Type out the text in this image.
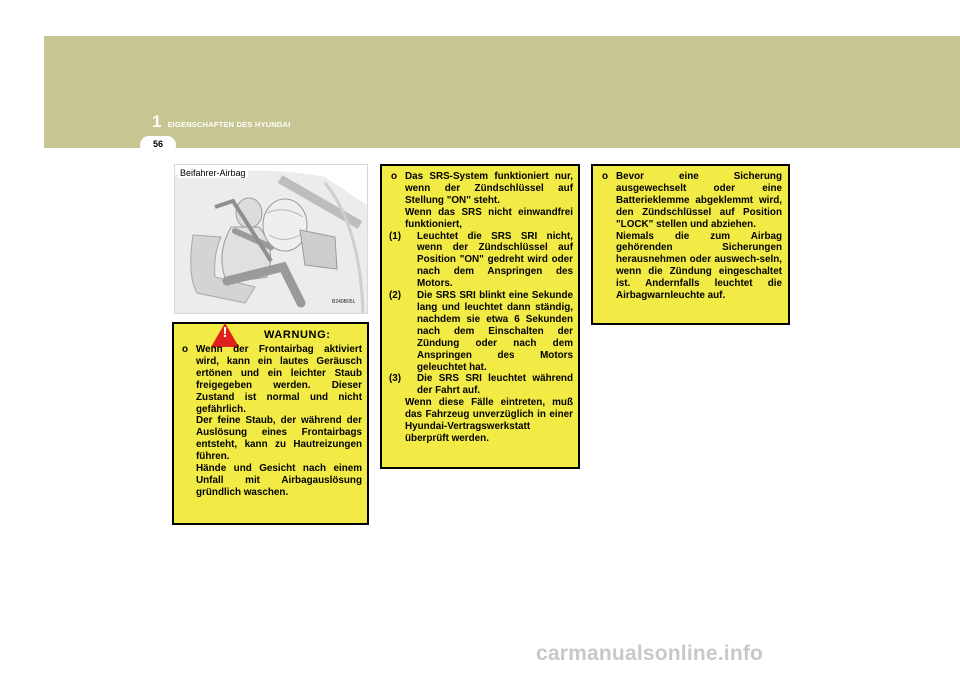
1 EIGENSCHAFTEN DES HYUNDAI
56
Beifahrer-Airbag
B240B05L
!	WARNUNG:
o Wenn der Frontairbag aktiviert wird, kann ein lautes Geräusch ertönen und ein leichter Staub freigegeben werden. Dieser Zustand ist normal und nicht gefährlich.
Der feine Staub, der während der Auslösung eines Frontairbags entsteht, kann zu Hautreizungen führen.
Hände und Gesicht nach einem Unfall mit Airbagauslösung gründlich waschen.
o Das SRS-System funktioniert nur, wenn der Zündschlüssel auf Stellung "ON" steht.
Wenn das SRS nicht einwandfrei funktioniert,
(1)	Leuchtet die SRS SRI nicht, wenn der Zündschlüssel auf Position "ON" gedreht wird oder nach dem Anspringen des Motors.
(2)	Die SRS SRI blinkt eine Sekunde lang und leuchtet dann ständig, nachdem sie etwa 6 Sekunden nach dem Einschalten der Zündung oder nach dem Anspringen des Motors geleuchtet hat.
(3)	Die SRS SRI leuchtet während der Fahrt auf.
Wenn diese Fälle eintreten, muß das Fahrzeug unverzüglich in einer Hyundai-Vertragswerkstatt überprüft werden.
o Bevor eine Sicherung ausgewechselt oder eine Batterieklemme abgeklemmt wird, den Zündschlüssel auf Position "LOCK" stellen und abziehen.
Niemals die zum Airbag gehörenden Sicherungen herausnehmen oder auswech-seln, wenn die Zündung eingeschaltet ist. Andernfalls leuchtet die Airbagwarnleuchte auf.
carmanualsonline.info
